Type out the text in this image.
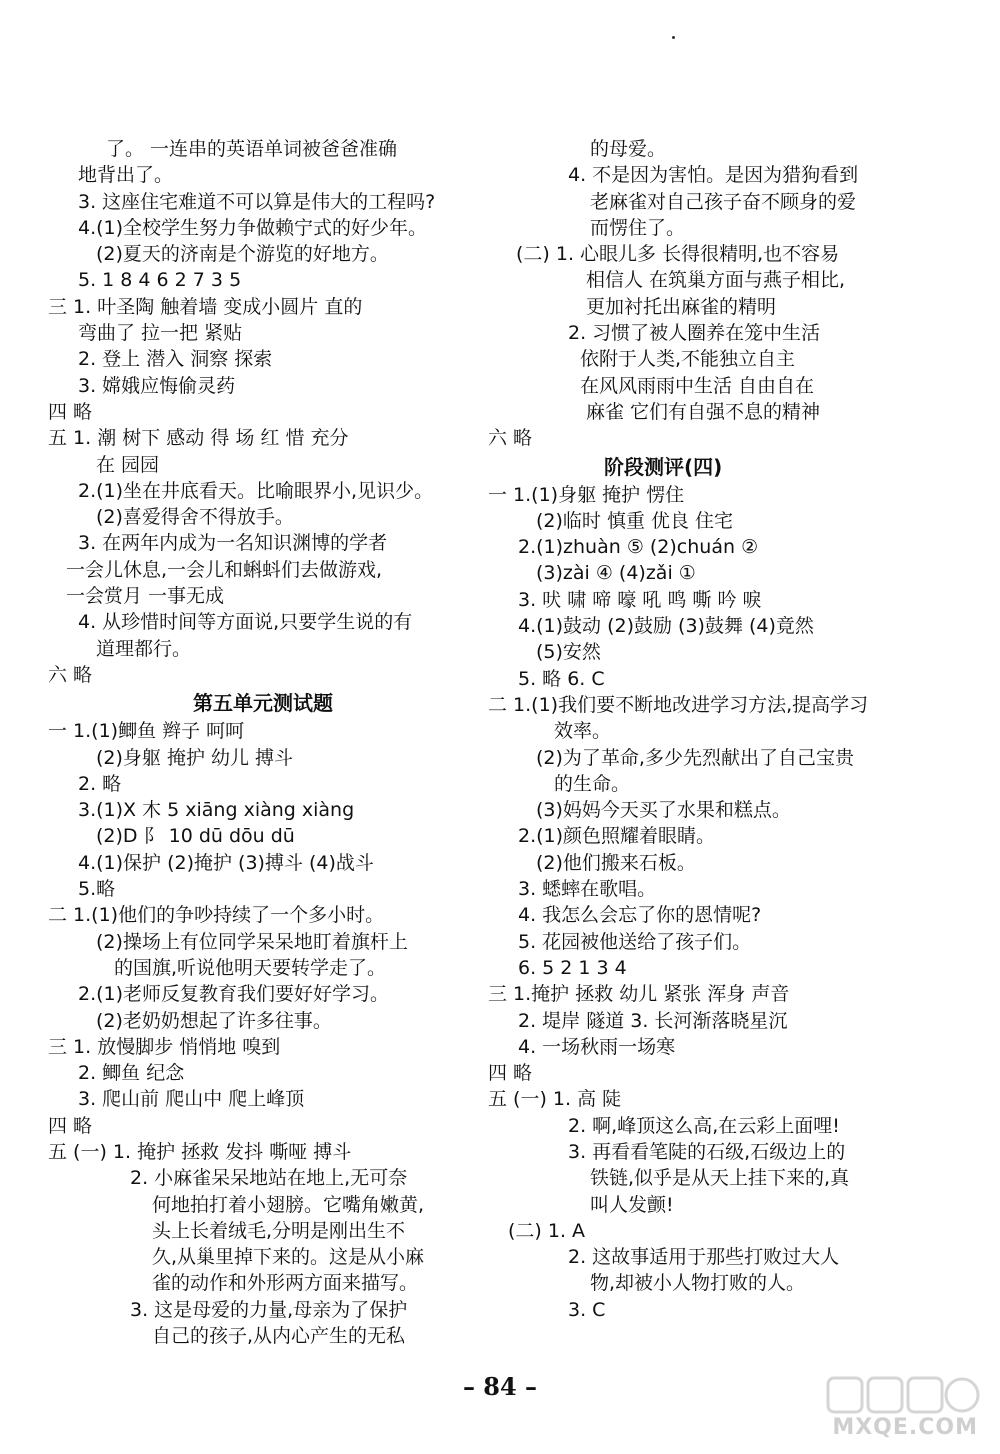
了。 一连串的英语单词被爸爸准确
地背出了。
3. 这座住宅难道不可以算是伟大的工程吗?
4.(1)全校学生努力争做赖宁式的好少年。
(2)夏天的济南是个游览的好地方。
5. 1 8 4 6 2 7 3 5
三 1. 叶圣陶 触着墙 变成小圆片 直的
弯曲了 拉一把 紧贴
2. 登上 潜入 洞察 探索
3. 嫦娥应悔偷灵药
四 略
五 1. 潮 树下 感动 得 场 红 惜 充分
在 园园
2.(1)坐在井底看天。比喻眼界小,见识少。
(2)喜爱得舍不得放手。
3. 在两年内成为一名知识渊博的学者
一会儿休息,一会儿和蝌蚪们去做游戏,
一会赏月 一事无成
4. 从珍惜时间等方面说,只要学生说的有
道理都行。
六 略
第五单元测试题
一 1.(1)鲫鱼 辫子 呵呵
(2)身躯 掩护 幼儿 搏斗
2. 略
3.(1)X 木 5 xiāng xiàng xiàng
(2)D 阝 10 dū dōu dū
4.(1)保护 (2)掩护 (3)搏斗 (4)战斗
5.略
二 1.(1)他们的争吵持续了一个多小时。
(2)操场上有位同学呆呆地盯着旗杆上
的国旗,听说他明天要转学走了。
2.(1)老师反复教育我们要好好学习。
(2)老奶奶想起了许多往事。
三 1. 放慢脚步 悄悄地 嗅到
2. 鲫鱼 纪念
3. 爬山前 爬山中 爬上峰顶
四 略
五 (一) 1. 掩护 拯救 发抖 嘶哑 搏斗
2. 小麻雀呆呆地站在地上,无可奈
何地拍打着小翅膀。它嘴角嫩黄,
头上长着绒毛,分明是刚出生不
久,从巢里掉下来的。这是从小麻
雀的动作和外形两方面来描写。
3. 这是母爱的力量,母亲为了保护
自己的孩子,从内心产生的无私
的母爱。
4. 不是因为害怕。是因为猎狗看到
老麻雀对自己孩子奋不顾身的爱
而愣住了。
(二) 1. 心眼儿多 长得很精明,也不容易
相信人 在筑巢方面与燕子相比,
更加衬托出麻雀的精明
2. 习惯了被人圈养在笼中生活
依附于人类,不能独立自主
在风风雨雨中生活 自由自在
麻雀 它们有自强不息的精神
六 略
阶段测评(四)
一 1.(1)身躯 掩护 愣住
(2)临时 慎重 优良 住宅
2.(1)zhuàn ⑤ (2)chuán ②
(3)zài ④ (4)zǎi ①
3. 吠 啸 啼 嚎 吼 鸣 嘶 吟 唳
4.(1)鼓动 (2)鼓励 (3)鼓舞 (4)竟然
(5)安然
5. 略 6. C
二 1.(1)我们要不断地改进学习方法,提高学习
效率。
(2)为了革命,多少先烈献出了自己宝贵
的生命。
(3)妈妈今天买了水果和糕点。
2.(1)颜色照耀着眼睛。
(2)他们搬来石板。
3. 蟋蟀在歌唱。
4. 我怎么会忘了你的恩情呢?
5. 花园被他送给了孩子们。
6. 5 2 1 3 4
三 1.掩护 拯救 幼儿 紧张 浑身 声音
2. 堤岸 隧道 3. 长河渐落晓星沉
4. 一场秋雨一场寒
四 略
五 (一) 1. 高 陡
2. 啊,峰顶这么高,在云彩上面哩!
3. 再看看笔陡的石级,石级边上的
铁链,似乎是从天上挂下来的,真
叫人发颤!
(二) 1. A
2. 这故事适用于那些打败过大人
物,却被小人物打败的人。
3. C
– 84 –
MXQE.COM
